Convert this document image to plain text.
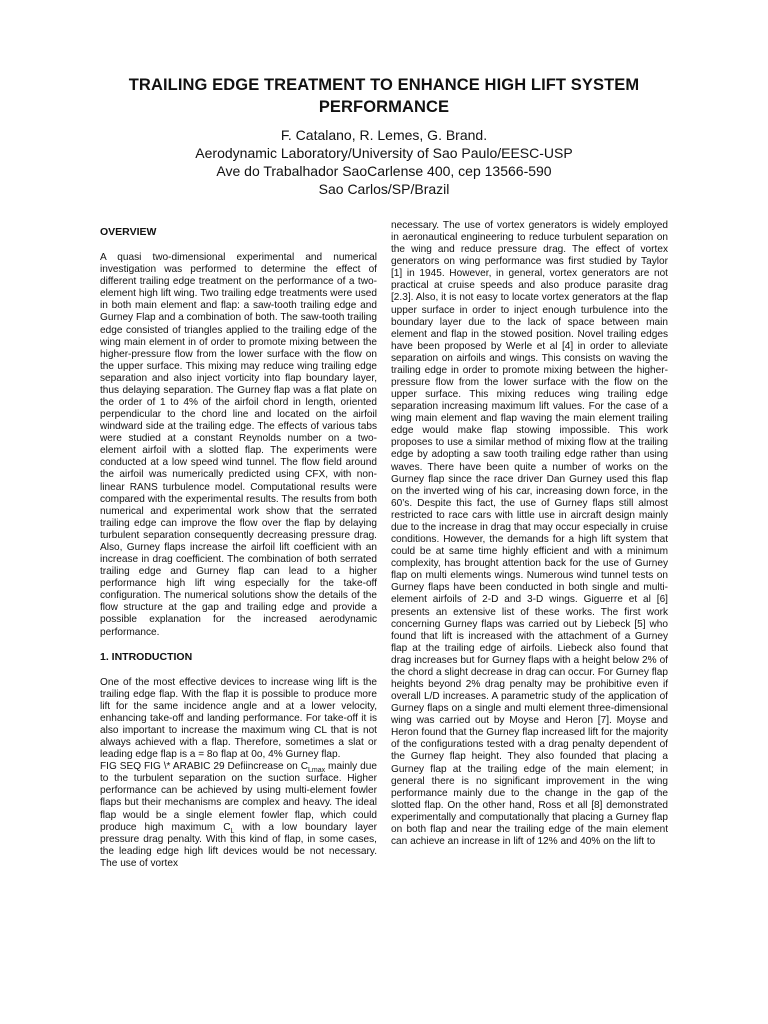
TRAILING EDGE TREATMENT TO ENHANCE HIGH LIFT SYSTEM PERFORMANCE
F. Catalano, R. Lemes, G. Brand.
Aerodynamic Laboratory/University of Sao Paulo/EESC-USP
Ave do Trabalhador SaoCarlense 400, cep 13566-590
Sao Carlos/SP/Brazil
OVERVIEW

A quasi two-dimensional experimental and numerical investigation was performed to determine the effect of different trailing edge treatment on the performance of a two-element high lift wing. Two trailing edge treatments were used in both main element and flap: a saw-tooth trailing edge and Gurney Flap and a combination of both. The saw-tooth trailing edge consisted of triangles applied to the trailing edge of the wing main element in of order to promote mixing between the higher-pressure flow from the lower surface with the flow on the upper surface. This mixing may reduce wing trailing edge separation and also inject vorticity into flap boundary layer, thus delaying separation. The Gurney flap was a flat plate on the order of 1 to 4% of the airfoil chord in length, oriented perpendicular to the chord line and located on the airfoil windward side at the trailing edge. The effects of various tabs were studied at a constant Reynolds number on a two-element airfoil with a slotted flap. The experiments were conducted at a low speed wind tunnel. The flow field around the airfoil was numerically predicted using CFX, with non-linear RANS turbulence model. Computational results were compared with the experimental results. The results from both numerical and experimental work show that the serrated trailing edge can improve the flow over the flap by delaying turbulent separation consequently decreasing pressure drag. Also, Gurney flaps increase the airfoil lift coefficient with an increase in drag coefficient. The combination of both serrated trailing edge and Gurney flap can lead to a higher performance high lift wing especially for the take-off configuration. The numerical solutions show the details of the flow structure at the gap and trailing edge and provide a possible explanation for the increased aerodynamic performance.

1. INTRODUCTION

One of the most effective devices to increase wing lift is the trailing edge flap. With the flap it is possible to produce more lift for the same incidence angle and at a lower velocity, enhancing take-off and landing performance. For take-off it is also important to increase the maximum wing CL that is not always achieved with a flap. Therefore, sometimes a slat or leading edge flap is a = 8o flap at 0o, 4% Gurney flap.

FIG SEQ FIG \* ARABIC 29 Defiincrease on $C_{Lmax}$ mainly due to the turbulent separation on the suction surface. Higher performance can be achieved by using multi-element fowler flaps but their mechanisms are complex and heavy. The ideal flap would be a single element fowler flap, which could produce high maximum $C_L$ with a low boundary layer pressure drag penalty. With this kind of flap, in some cases, the leading edge high lift devices would be not necessary. The use of vortex

necessary. The use of vortex generators is widely employed in aeronautical engineering to reduce turbulent separation on the wing and reduce pressure drag. The effect of vortex generators on wing performance was first studied by Taylor [1] in 1945. However, in general, vortex generators are not practical at cruise speeds and also produce parasite drag [2.3]. Also, it is not easy to locate vortex generators at the flap upper surface in order to inject enough turbulence into the boundary layer due to the lack of space between main element and flap in the stowed position. Novel trailing edges have been proposed by Werle et al [4] in order to alleviate separation on airfoils and wings. This consists on waving the trailing edge in order to promote mixing between the higher-pressure flow from the lower surface with the flow on the upper surface. This mixing reduces wing trailing edge separation increasing maximum lift values. For the case of a wing main element and flap waving the main element trailing edge would make flap stowing impossible. This work proposes to use a similar method of mixing flow at the trailing edge by adopting a saw tooth trailing edge rather than using waves. There have been quite a number of works on the Gurney flap since the race driver Dan Gurney used this flap on the inverted wing of his car, increasing down force, in the 60’s. Despite this fact, the use of Gurney flaps still almost restricted to race cars with little use in aircraft design mainly due to the increase in drag that may occur especially in cruise conditions. However, the demands for a high lift system that could be at same time highly efficient and with a minimum complexity, has brought attention back for the use of Gurney flap on multi elements wings. Numerous wind tunnel tests on Gurney flaps have been conducted in both single and multi-element airfoils of 2-D and 3-D wings. Giguerre et al [6] presents an extensive list of these works. The first work concerning Gurney flaps was carried out by Liebeck [5] who found that lift is increased with the attachment of a Gurney flap at the trailing edge of airfoils. Liebeck also found that drag increases but for Gurney flaps with a height below 2% of the chord a slight decrease in drag can occur. For Gurney flap heights beyond 2% drag penalty may be prohibitive even if overall L/D increases. A parametric study of the application of Gurney flaps on a single and multi element three-dimensional wing was carried out by Moyse and Heron [7]. Moyse and Heron found that the Gurney flap increased lift for the majority of the configurations tested with a drag penalty dependent of the Gurney flap height. They also founded that placing a Gurney flap at the trailing edge of the main element; in general there is no significant improvement in the wing performance mainly due to the change in the gap of the slotted flap. On the other hand, Ross et all [8] demonstrated experimentally and computationally that placing a Gurney flap on both flap and near the trailing edge of the main element can achieve an increase in lift of 12% and 40% on the lift to
